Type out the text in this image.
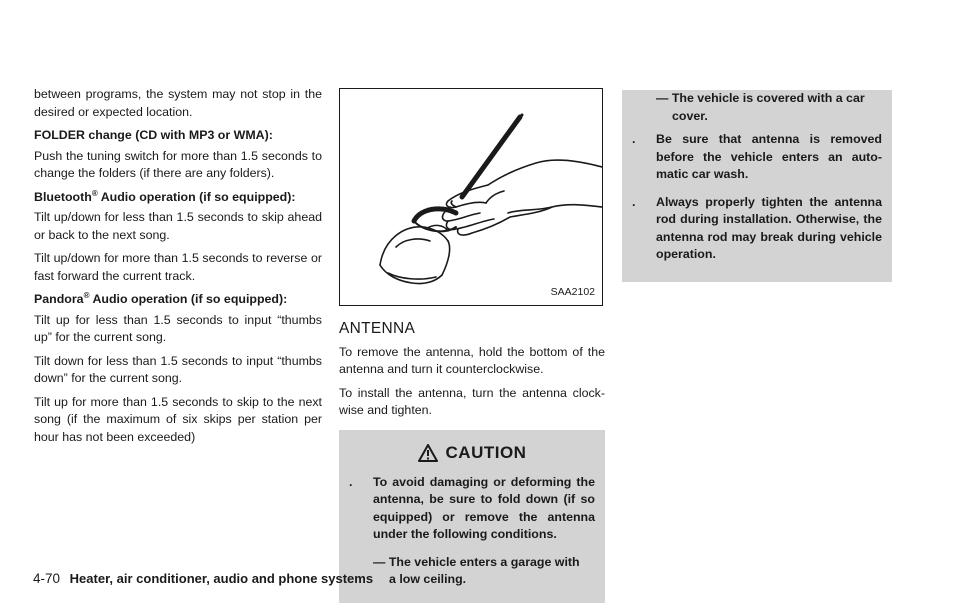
between programs, the system may not stop in the desired or expected location.

FOLDER change (CD with MP3 or WMA):

Push the tuning switch for more than 1.5 seconds to change the folders (if there are any folders).

Bluetooth® Audio operation (if so equipped):

Tilt up/down for less than 1.5 seconds to skip ahead or back to the next song.

Tilt up/down for more than 1.5 seconds to reverse or fast forward the current track.

Pandora® Audio operation (if so equipped):

Tilt up for less than 1.5 seconds to input “thumbs up” for the current song.

Tilt down for less than 1.5 seconds to input “thumbs down” for the current song.

Tilt up for more than 1.5 seconds to skip to the next song (if the maximum of six skips per station per hour has not been exceeded)

SAA2102
ANTENNA

To remove the antenna, hold the bottom of the antenna and turn it counterclockwise.

To install the antenna, turn the antenna clock-wise and tighten.

CAUTION
.	To avoid damaging or deforming the antenna, be sure to fold down (if so equipped) or remove the antenna under the following conditions.
— The vehicle enters a garage with
a low ceiling.
— The vehicle is covered with a car
cover.
.	Be sure that antenna is removed before the vehicle enters an auto-matic car wash.
.	Always properly tighten the antenna rod during installation. Otherwise, the antenna rod may break during vehicle operation.
4-70 Heater, air conditioner, audio and phone systems
